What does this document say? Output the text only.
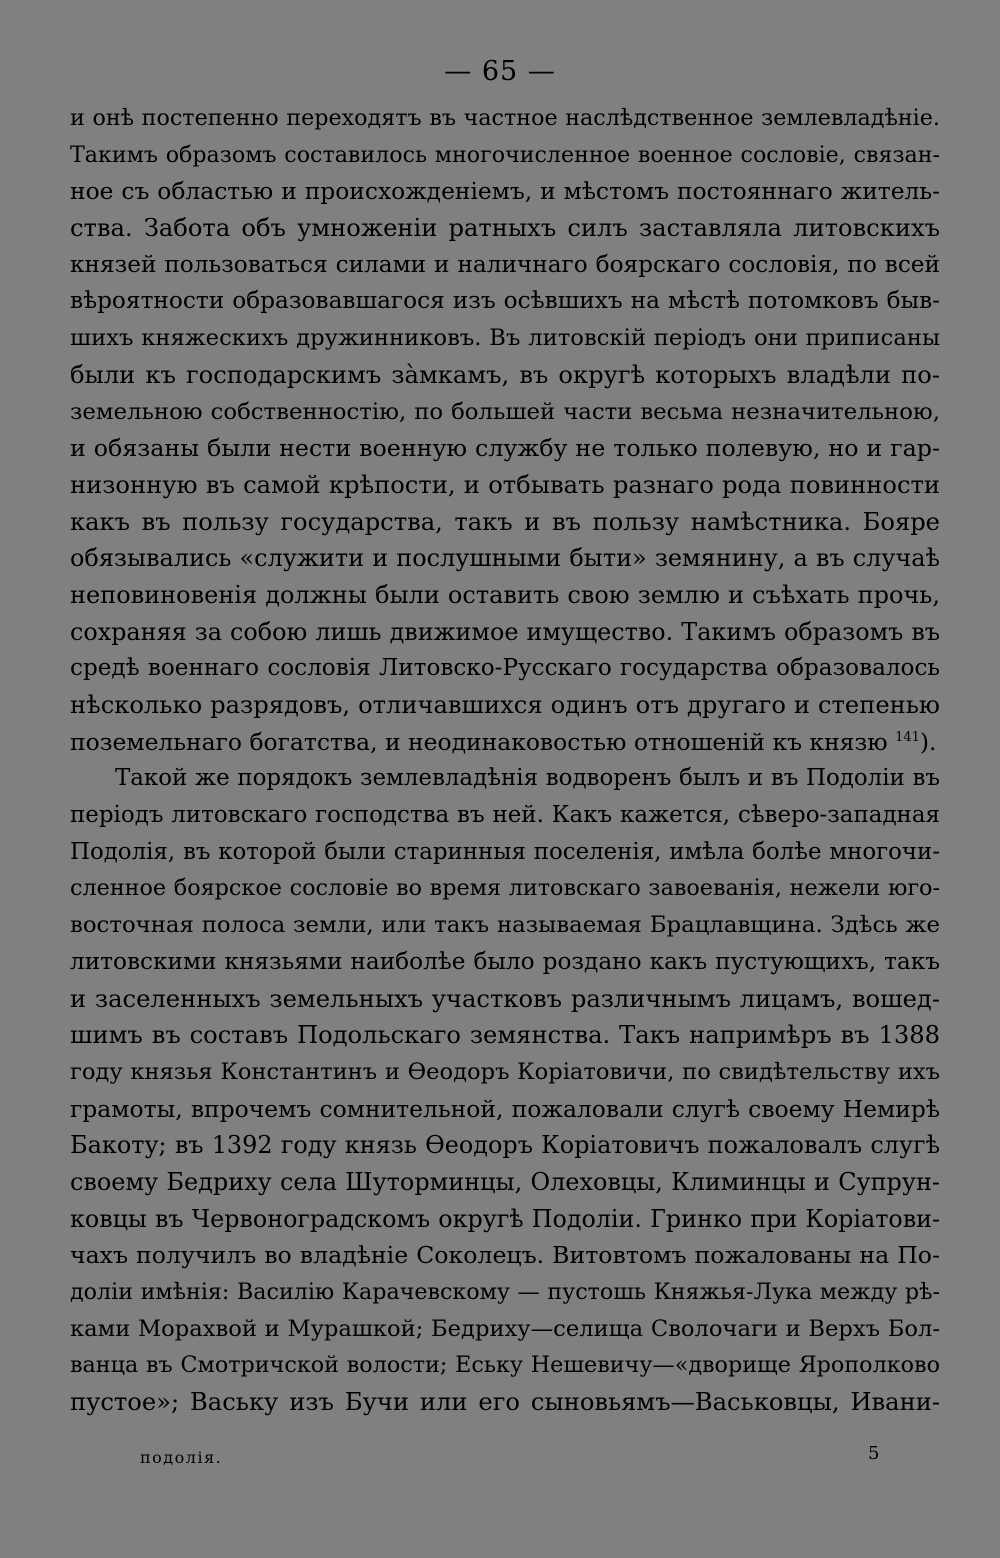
— 65 —
и онѣ постепенно переходятъ въ частное наслѣдственное землевладѣнiе.
Такимъ образомъ составилось многочисленное военное сословiе, связан-
ное съ областью и происхожденiемъ, и мѣстомъ постояннаго житель-
ства. Забота объ умноженiи ратныхъ силъ заставляла литовскихъ
князей пользоваться силами и наличнаго боярскаго сословiя, по всей
вѣроятности образовавшагося изъ осѣвшихъ на мѣстѣ потомковъ быв-
шихъ княжескихъ дружинниковъ. Въ литовскiй перiодъ они приписаны
были къ господарскимъ зàмкамъ, въ округѣ которыхъ владѣли по-
земельною собственностiю, по большей части весьма незначительною,
и обязаны были нести военную службу не только полевую, но и гар-
низонную въ самой крѣпости, и отбывать разнаго рода повинности
какъ въ пользу государства, такъ и въ пользу намѣстника. Бояре
обязывались «служити и послушными быти» земянину, а въ случаѣ
неповиновенiя должны были оставить свою землю и съѣхать прочь,
сохраняя за собою лишь движимое имущество. Такимъ образомъ въ
средѣ военнаго сословiя Литовско-Русскаго государства образовалось
нѣсколько разрядовъ, отличавшихся одинъ отъ другаго и степенью
поземельнаго богатства, и неодинаковостью отношенiй къ князю $^{141}$).
Такой же порядокъ землевладѣнiя водворенъ былъ и въ Подолiи въ
перiодъ литовскаго господства въ ней. Какъ кажется, сѣверо-западная
Подолiя, въ которой были старинныя поселенiя, имѣла болѣе многочи-
сленное боярское сословiе во время литовскаго завоеванiя, нежели юго-
восточная полоса земли, или такъ называемая Брацлавщина. Здѣсь же
литовскими князьями наиболѣе было роздано какъ пустующихъ, такъ
и заселенныхъ земельныхъ участковъ различнымъ лицамъ, вошед-
шимъ въ составъ Подольскаго земянства. Такъ напримѣръ въ 1388
году князья Константинъ и Өеодоръ Корiатовичи, по свидѣтельству ихъ
грамоты, впрочемъ сомнительной, пожаловали слугѣ своему Немирѣ
Бакоту; въ 1392 году князь Өеодоръ Корiатовичъ пожаловалъ слугѣ
своему Бедриху села Шуторминцы, Олеховцы, Климинцы и Супрун-
ковцы въ Червоноградскомъ округѣ Подолiи. Гринко при Корiатови-
чахъ получилъ во владѣнiе Соколецъ. Витовтомъ пожалованы на По-
долiи имѣнiя: Василiю Карачевскому — пустошь Княжья-Лука между рѣ-
ками Морахвой и Мурашкой; Бедриху—селища Сволочаги и Верхъ Бол-
ванца въ Смотричской волости; Еську Нешевичу—«дворище Ярополково
пустое»; Ваську изъ Бучи или его сыновьямъ—Васьковцы, Ивани-
подолiя.	5
